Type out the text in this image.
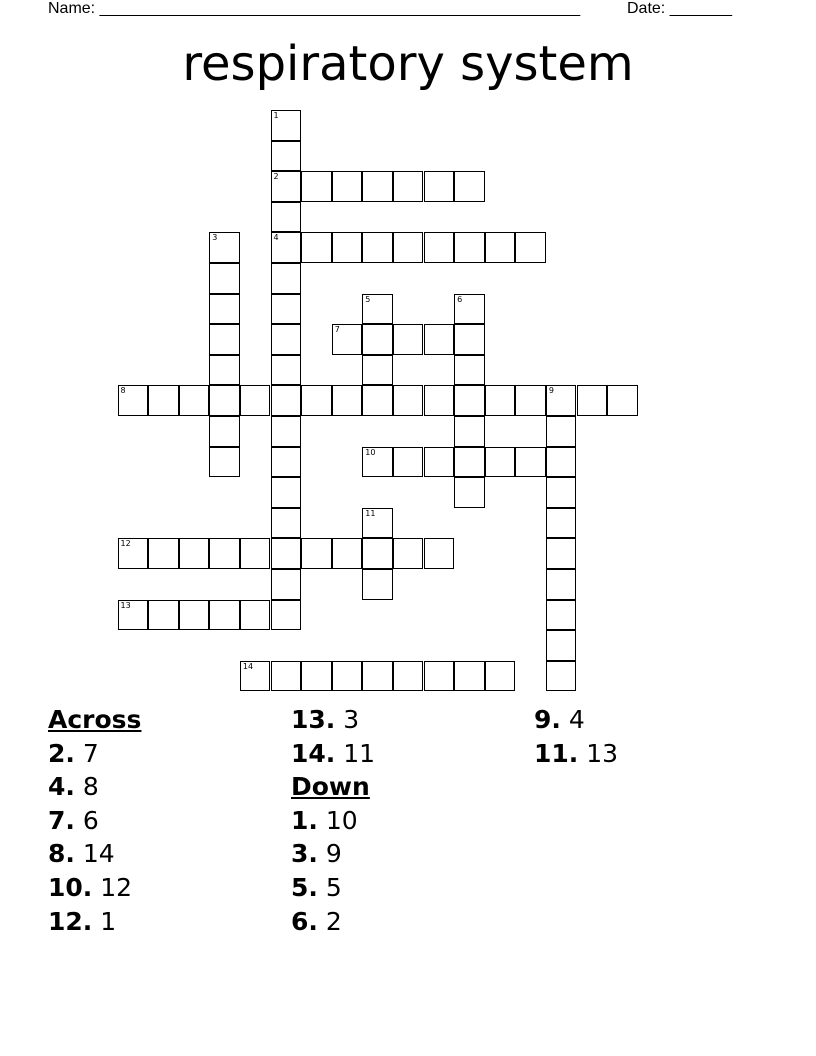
Name: ______________________________________________________	Date: _______
respiratory system
2
4
7
8	9
10
12
13
14
1
3
5	6
11
Across
2. 7
4. 8
7. 6
8. 14
10. 12
12. 1
13. 3
14. 11
Down
1. 10
3. 9
5. 5
6. 2
9. 4
11. 13
